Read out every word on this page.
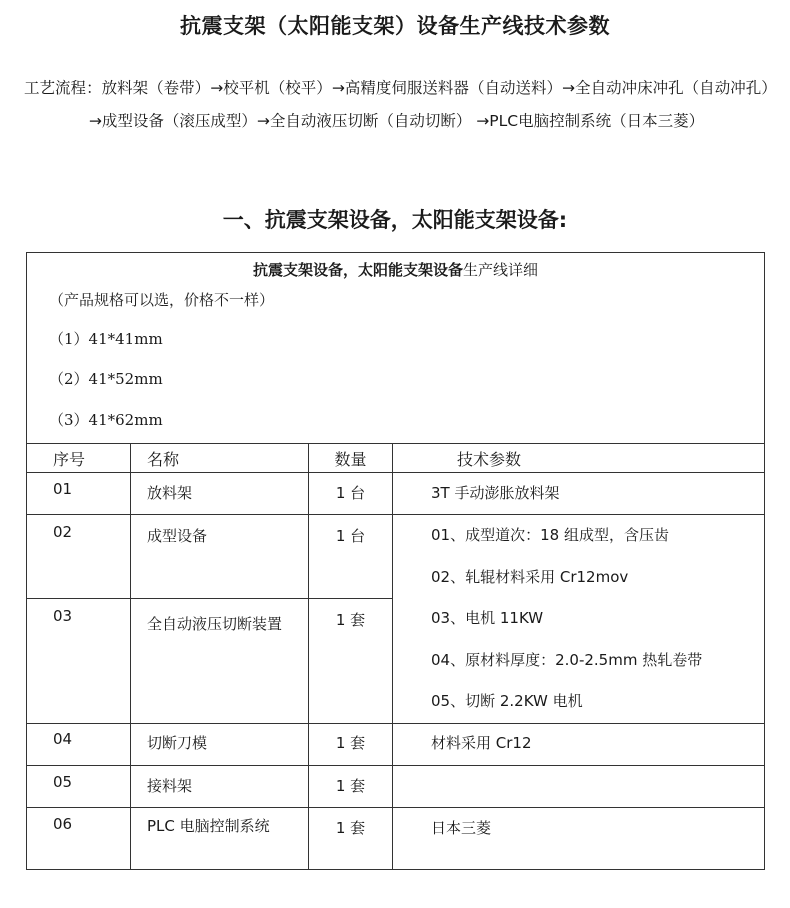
抗震支架（太阳能支架）设备生产线技术参数

工艺流程：放料架（卷带）→校平机（校平）→高精度伺服送料器（自动送料）→全自动冲床冲孔（自动冲孔）→成型设备（滚压成型）→全自动液压切断（自动切断） →PLC电脑控制系统（日本三菱）

一、抗震支架设备，太阳能支架设备:
抗震支架设备，太阳能支架设备生产线详细
（产品规格可以选，价格不一样）
（1）41*41mm
（2）41*52mm
（3）41*62mm			

序号	名称	数量	技术参数
01	放料架	1 台	3T 手动澎胀放料架
02	成型设备	1 台	01、成型道次：18 组成型，含压齿
02、轧辊材料采用 Cr12mov
03、电机 11KW
04、原材料厚度：2.0-2.5mm 热轧卷带
05、切断 2.2KW 电机

03	全自动液压切断装置	1 套	
04	切断刀模	1 套	材料采用 Cr12
05	接料架	1 套	
06	PLC 电脑控制系统	1 套	日本三菱
